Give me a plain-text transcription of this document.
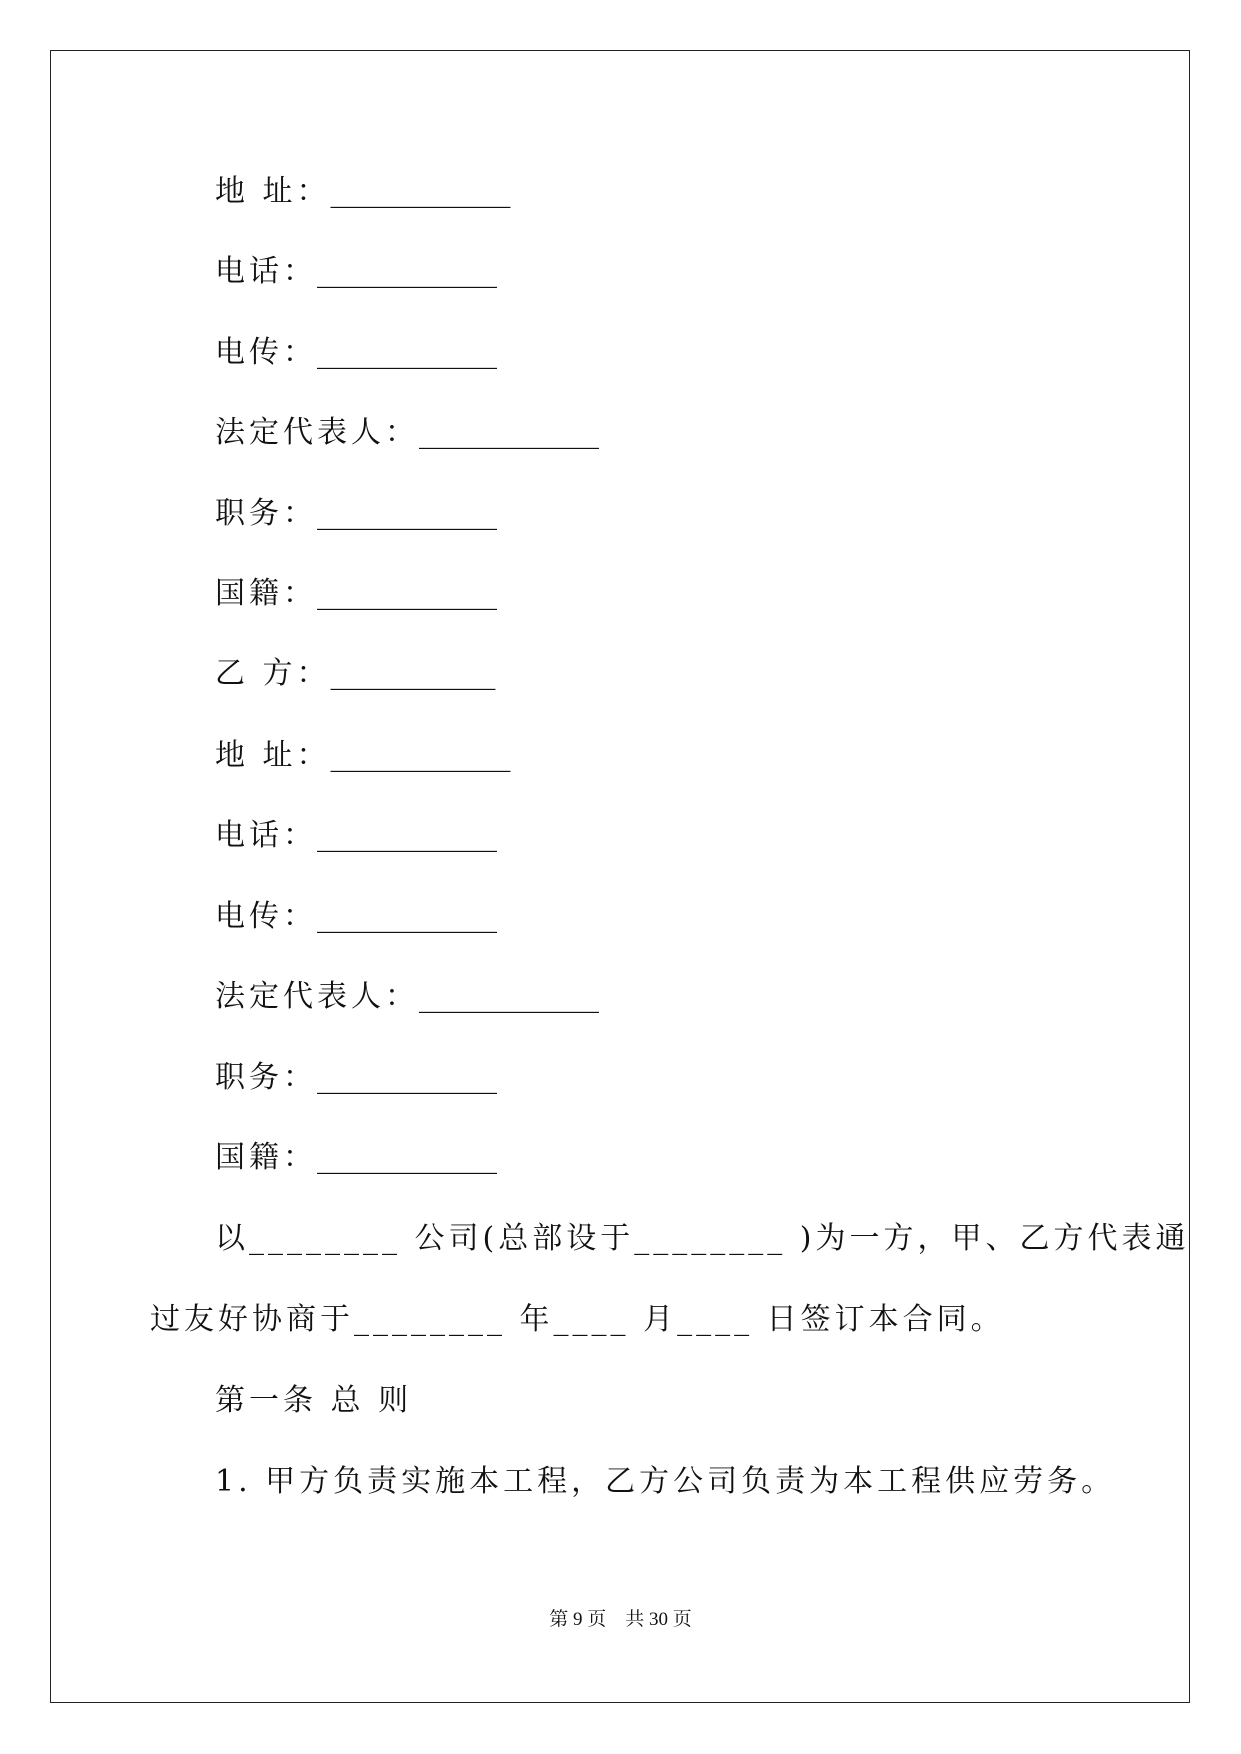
地 址：____________
电话：____________
电传：____________
法定代表人：____________
职务：____________
国籍：____________
乙 方：___________
地 址：____________
电话：____________
电传：____________
法定代表人：____________
职务：____________
国籍：____________
以________ 公司(总部设于________ )为一方，甲、乙方代表通
过友好协商于________ 年____ 月____ 日签订本合同。
第一条 总 则
1. 甲方负责实施本工程，乙方公司负责为本工程供应劳务。
第 9 页    共 30 页
